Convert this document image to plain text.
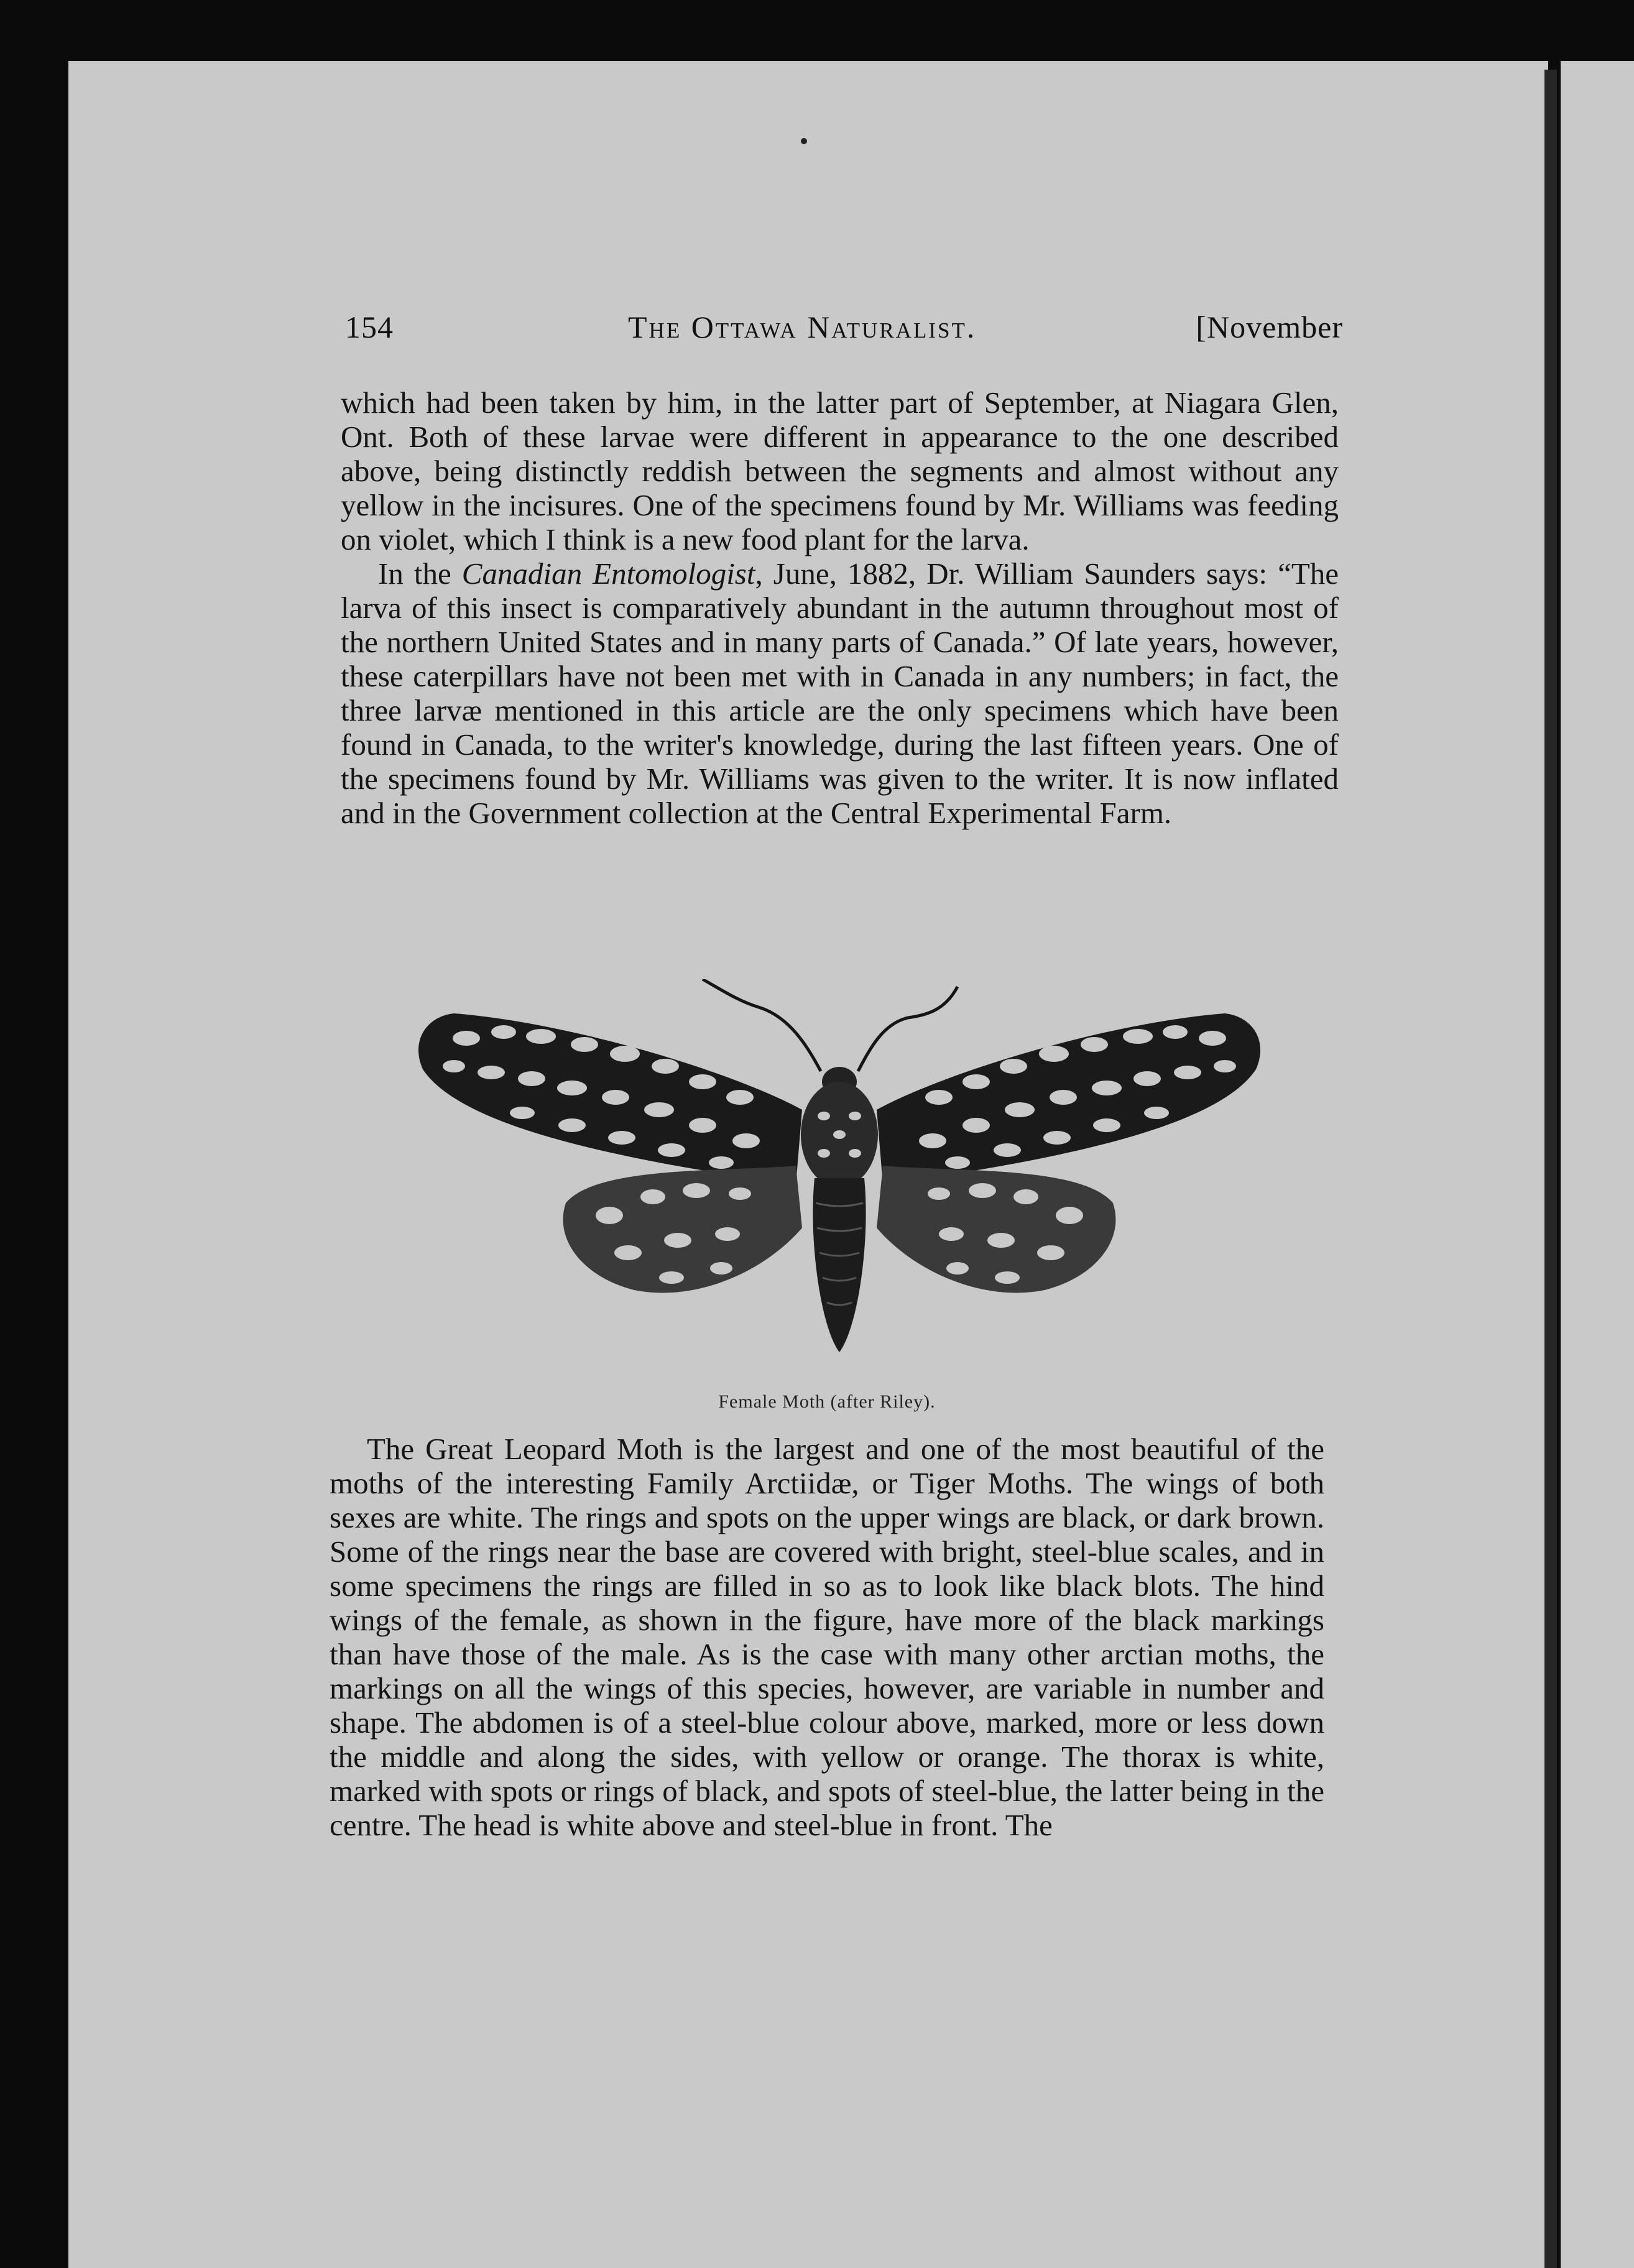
154	The Ottawa Naturalist.	[November

which had been taken by him, in the latter part of September, at Niagara Glen, Ont. Both of these larvae were different in appearance to the one described above, being distinctly reddish between the segments and almost without any yellow in the incisures. One of the specimens found by Mr. Williams was feeding on violet, which I think is a new food plant for the larva.

In the Canadian Entomologist, June, 1882, Dr. William Saunders says: “The larva of this insect is comparatively abundant in the autumn throughout most of the northern United States and in many parts of Canada.” Of late years, however, these caterpillars have not been met with in Canada in any numbers; in fact, the three larvæ mentioned in this article are the only specimens which have been found in Canada, to the writer's knowledge, during the last fifteen years. One of the specimens found by Mr. Williams was given to the writer. It is now inflated and in the Government collection at the Central Experimental Farm.

Female Moth (after Riley).

The Great Leopard Moth is the largest and one of the most beautiful of the moths of the interesting Family Arctiidæ, or Tiger Moths. The wings of both sexes are white. The rings and spots on the upper wings are black, or dark brown. Some of the rings near the base are covered with bright, steel-blue scales, and in some specimens the rings are filled in so as to look like black blots. The hind wings of the female, as shown in the figure, have more of the black markings than have those of the male. As is the case with many other arctian moths, the markings on all the wings of this species, however, are variable in number and shape. The abdomen is of a steel-blue colour above, marked, more or less down the middle and along the sides, with yellow or orange. The thorax is white, marked with spots or rings of black, and spots of steel-blue, the latter being in the centre. The head is white above and steel-blue in front. The
